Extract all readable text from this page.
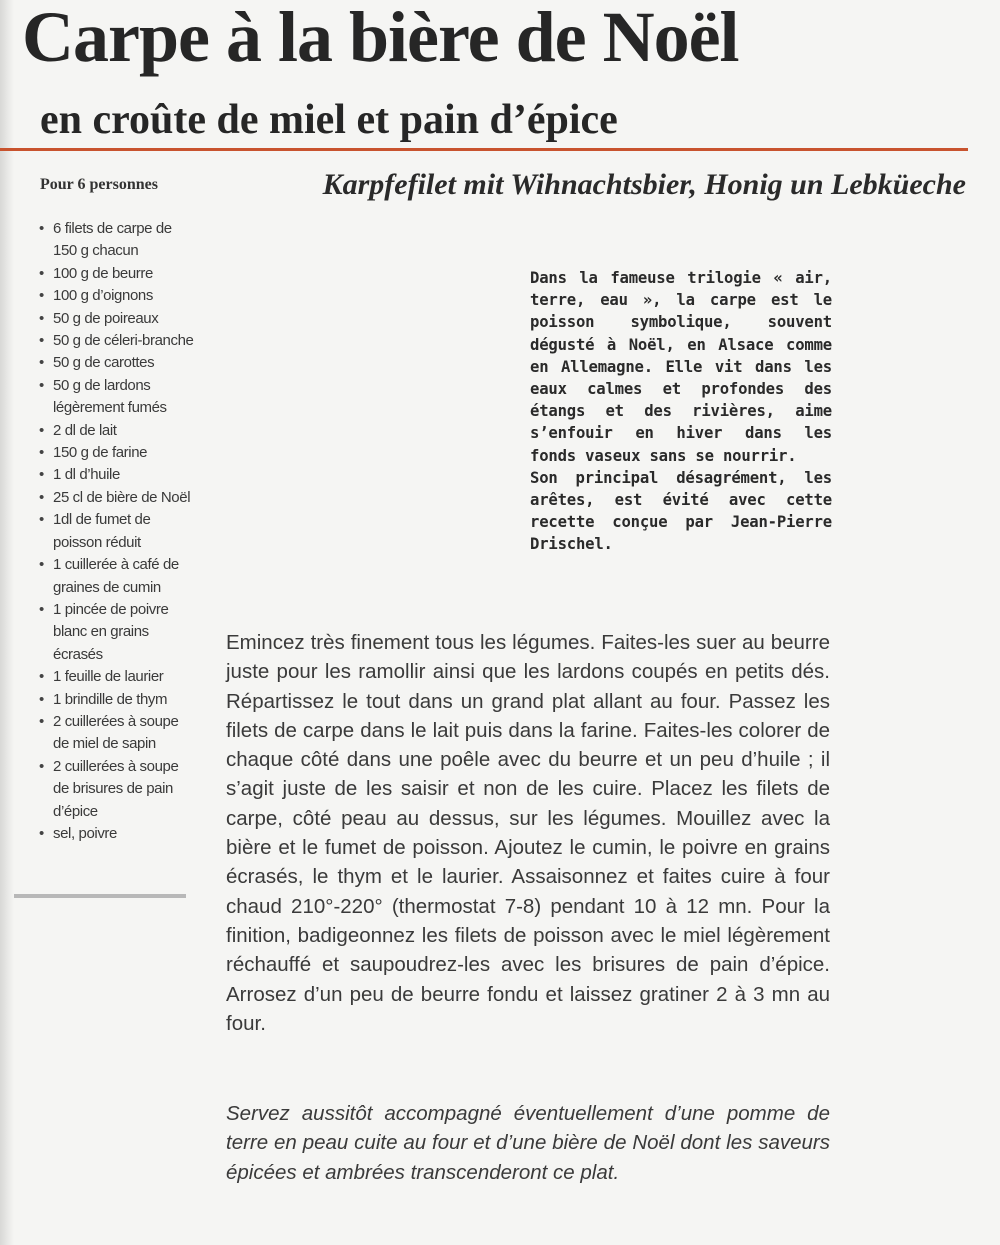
Carpe à la bière de Noël
en croûte de miel et pain d’épice
Pour 6 personnes
• 6 filets de carpe de 150 g chacun
• 100 g de beurre
• 100 g d’oignons
• 50 g de poireaux
• 50 g de céleri-branche
• 50 g de carottes
• 50 g de lardons légèrement fumés
• 2 dl de lait
• 150 g de farine
• 1 dl d’huile
• 25 cl de bière de Noël
• 1dl de fumet de poisson réduit
• 1 cuillerée à café de graines de cumin
• 1 pincée de poivre blanc en grains écrasés
• 1 feuille de laurier
• 1 brindille de thym
• 2 cuillerées à soupe de miel de sapin
• 2 cuillerées à soupe de brisures de pain d’épice
• sel, poivre
Karpfefilet mit Wihnachtsbier, Honig un Lebküeche

Dans la fameuse trilogie « air, terre, eau », la carpe est le poisson symbolique, souvent dégusté à Noël, en Alsace comme en Allemagne. Elle vit dans les eaux calmes et profondes des étangs et des rivières, aime s’enfouir en hiver dans les fonds vaseux sans se nourrir.

Son principal désagrément, les arêtes, est évité avec cette recette conçue par Jean-Pierre Drischel.

Emincez très finement tous les légumes. Faites-les suer au beurre juste pour les ramollir ainsi que les lardons coupés en petits dés. Répartissez le tout dans un grand plat allant au four. Passez les filets de carpe dans le lait puis dans la farine. Faites-les colorer de chaque côté dans une poêle avec du beurre et un peu d’huile ; il s’agit juste de les saisir et non de les cuire. Placez les filets de carpe, côté peau au dessus, sur les légumes. Mouillez avec la bière et le fumet de poisson. Ajoutez le cumin, le poivre en grains écrasés, le thym et le laurier. Assaisonnez et faites cuire à four chaud 210°-220° (thermostat 7-8) pendant 10 à 12 mn. Pour la finition, badigeonnez les filets de poisson avec le miel légèrement réchauffé et saupoudrez-les avec les brisures de pain d’épice. Arrosez d’un peu de beurre fondu et laissez gratiner 2 à 3 mn au four.

Servez aussitôt accompagné éventuellement d’une pomme de terre en peau cuite au four et d’une bière de Noël dont les saveurs épicées et ambrées transcenderont ce plat.
